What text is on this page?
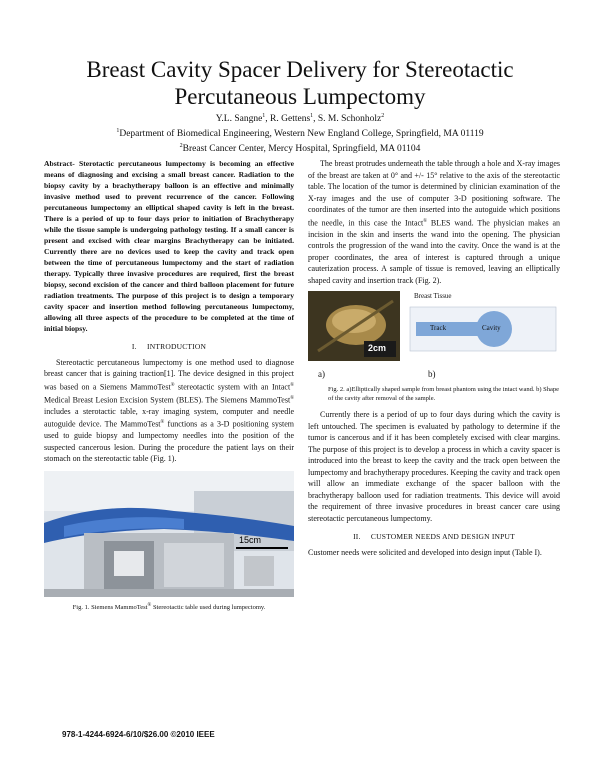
Breast Cavity Spacer Delivery for Stereotactic Percutaneous Lumpectomy
Y.L. Sangne$^1$, R. Gettens$^1$, S. M. Schonholz$^2$
$^1$Department of Biomedical Engineering, Western New England College, Springfield, MA 01119
$^2$Breast Cancer Center, Mercy Hospital, Springfield, MA 01104

Abstract- Sterotactic percutaneous lumpectomy is becoming an effective means of diagnosing and excising a small breast cancer. Radiation to the biopsy cavity by a brachytherapy balloon is an effective and minimally invasive method used to prevent recurrence of the cancer. Following percutaneous lumpectomy an elliptical shaped cavity is left in the breast. There is a period of up to four days prior to initiation of Brachytherapy while the tissue sample is undergoing pathology testing. If a small cancer is present and excised with clear margins Brachytherapy can be initiated. Currently there are no devices used to keep the cavity and track open between the time of percutaneous lumpectomy and the start of radiation therapy. Typically three invasive procedures are required, first the breast biopsy, second excision of the cancer and third balloon placement for future radiation treatments. The purpose of this project is to design a temporary cavity spacer and insertion method following percutaneous lumpectomy, allowing all three aspects of the procedure to be completed at the time of initial biopsy.

I. INTRODUCTION

Stereotactic percutaneous lumpectomy is one method used to diagnose breast cancer that is gaining traction[1]. The device designed in this project was based on a Siemens MammoTest® stereotactic system with an Intact® Medical Breast Lesion Excision System (BLES). The Siemens MammoTest® includes a sterotactic table, x-ray imaging system, computer and needle autoguide device. The MammoTest® functions as a 3-D positioning system used to guide biopsy and lumpectomy needles into the position of the suspected cancerous lesion. During the procedure the patient lays on their stomach on the stereotactic table (Fig. 1).

15cm
Fig. 1. Siemens MammoTest® Stereotactic table used during lumpectomy.

The breast protrudes underneath the table through a hole and X-ray images of the breast are taken at 0° and +/- 15° relative to the axis of the stereotactic table. The location of the tumor is determined by clinician examination of the X-ray images and the use of computer 3-D positioning software. The coordinates of the tumor are then inserted into the autoguide which positions the needle, in this case the Intact® BLES wand. The physician makes an incision in the skin and inserts the wand into the opening. The physician controls the progression of the wand into the cavity. Once the wand is at the proper coordinates, the area of interest is captured through a unique cauterization process. A sample of tissue is removed, leaving an elliptically shaped cavity and insertion track (Fig. 2).

2cm
Breast Tissue
Track	Cavity
a)	b)
Fig. 2. a)Elliptically shaped sample from breast phantom using the intact wand. b) Shape of the cavity after removal of the sample.

Currently there is a period of up to four days during which the cavity is left untouched. The specimen is evaluated by pathology to determine if the tumor is cancerous and if it has been completely excised with clear margins. The purpose of this project is to develop a process in which a cavity spacer is introduced into the breast to keep the cavity and the track open between the lumpectomy and brachytherapy procedures. Keeping the cavity and track open will allow an immediate exchange of the spacer balloon with the brachytherapy balloon used for radiation treatments. This device will avoid the requirement of three invasive procedures in breast cancer care using stereotactic percutaneous lumpectomy.

II. CUSTOMER NEEDS AND DESIGN INPUT

Customer needs were solicited and developed into design input (Table I).

978-1-4244-6924-6/10/$26.00 ©2010 IEEE
